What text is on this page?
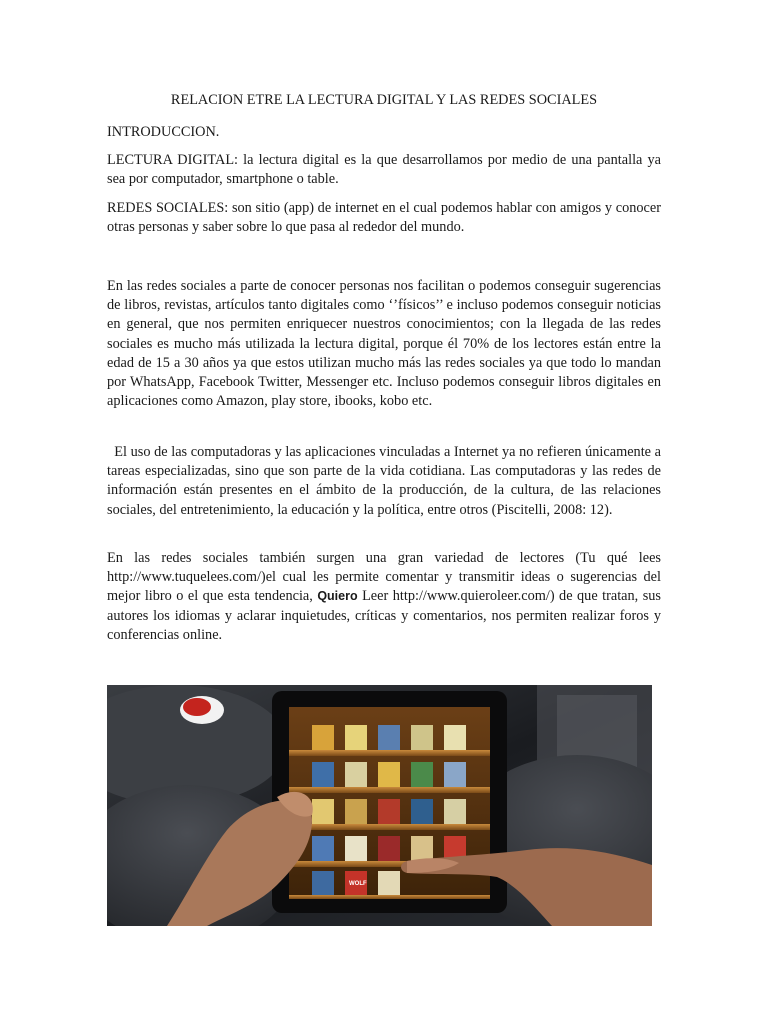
RELACION ETRE LA LECTURA DIGITAL Y LAS REDES SOCIALES
INTRODUCCION.

LECTURA DIGITAL: la lectura digital es la que desarrollamos por medio de una pantalla ya sea por computador, smartphone o table.

REDES SOCIALES: son sitio (app) de internet en el cual podemos hablar con amigos y conocer otras personas y saber sobre lo que pasa al rededor del mundo.

En las redes sociales a parte de conocer personas nos facilitan o podemos conseguir sugerencias de libros, revistas, artículos tanto digitales como ‘’físicos’’ e incluso podemos conseguir noticias en general, que nos permiten enriquecer nuestros conocimientos; con la llegada de las redes sociales es mucho más utilizada la lectura digital, porque él 70% de los lectores están entre la edad de 15 a 30 años ya que estos utilizan mucho más las redes sociales ya que todo lo mandan por WhatsApp, Facebook Twitter, Messenger etc. Incluso podemos conseguir libros digitales en aplicaciones como Amazon, play store, ibooks, kobo etc.

El uso de las computadoras y las aplicaciones vinculadas a Internet ya no refieren únicamente a tareas especializadas, sino que son parte de la vida cotidiana. Las computadoras y las redes de información están presentes en el ámbito de la producción, de la cultura, de las relaciones sociales, del entretenimiento, la educación y la política, entre otros (Piscitelli, 2008: 12).

En las redes sociales también surgen una gran variedad de lectores (Tu qué lees http://www.tuquelees.com/)el cual les permite comentar y transmitir ideas o sugerencias del mejor libro o el que esta tendencia, Quiero Leer http://www.quieroleer.com/) de que tratan, sus autores los idiomas y aclarar inquietudes, críticas y comentarios, nos permiten realizar foros y conferencias online.

WOLF
